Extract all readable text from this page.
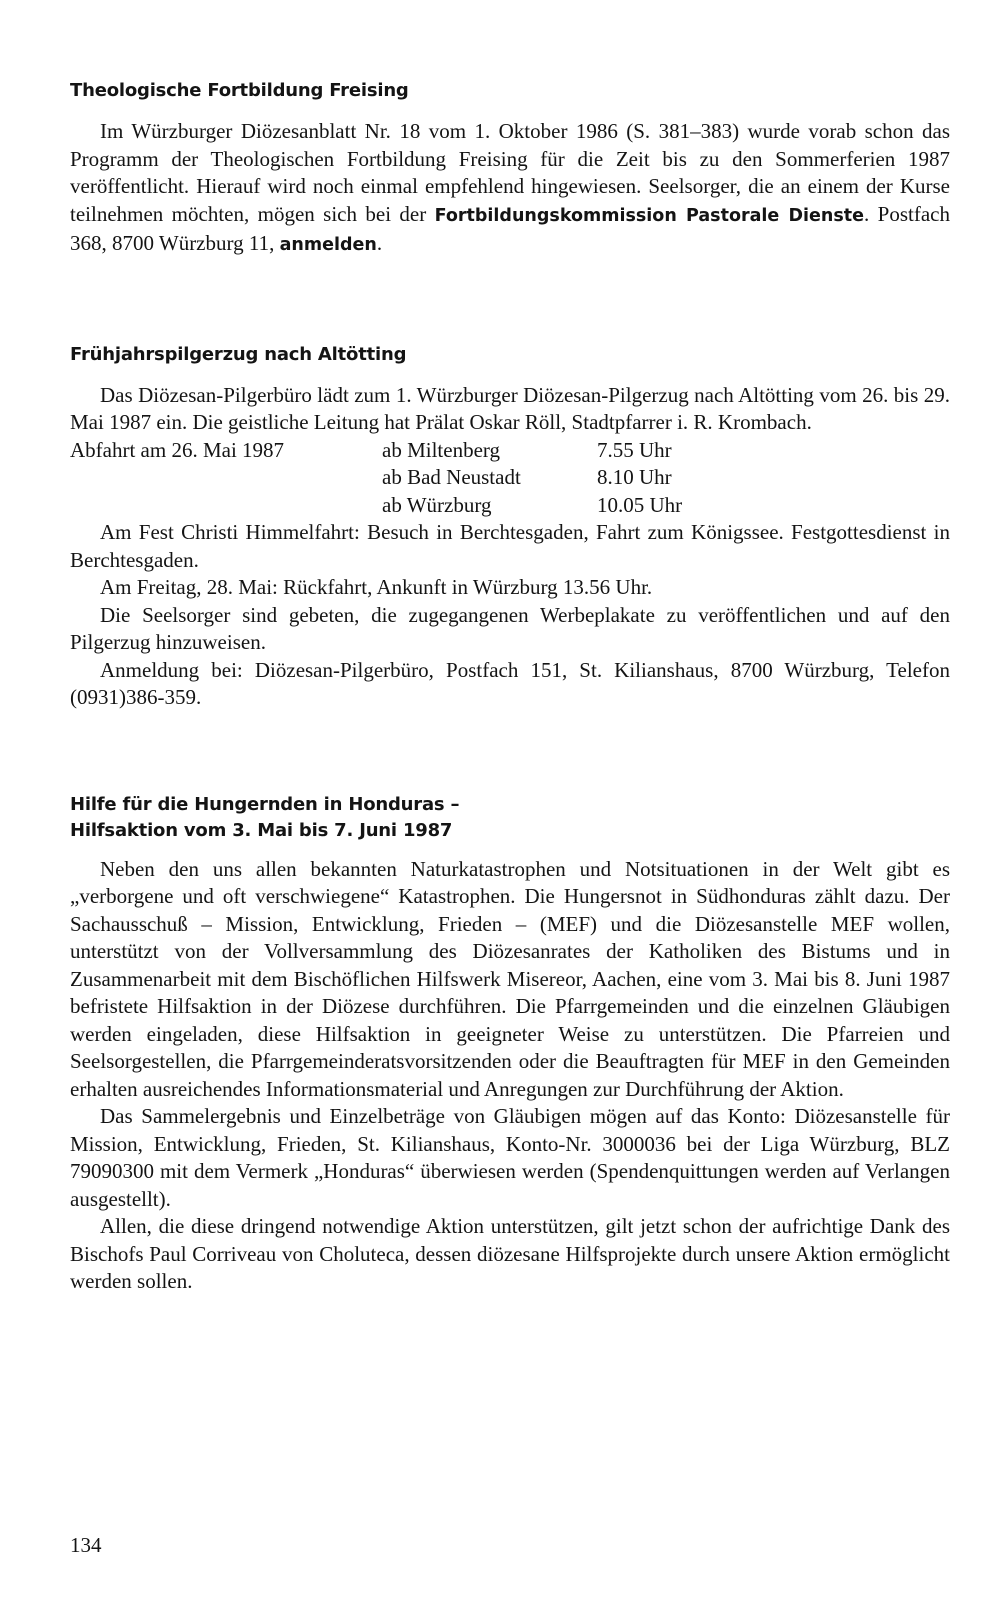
Theologische Fortbildung Freising

Im Würzburger Diözesanblatt Nr. 18 vom 1. Oktober 1986 (S. 381–383) wurde vorab schon das Programm der Theologischen Fortbildung Freising für die Zeit bis zu den Sommerferien 1987 veröffentlicht. Hierauf wird noch einmal empfehlend hingewiesen. Seelsorger, die an einem der Kurse teilnehmen möchten, mögen sich bei der Fortbildungskommission Pastorale Dienste. Postfach 368, 8700 Würzburg 11, anmelden.

Frühjahrspilgerzug nach Altötting

Das Diözesan-Pilgerbüro lädt zum 1. Würzburger Diözesan-Pilgerzug nach Altötting vom 26. bis 29. Mai 1987 ein. Die geistliche Leitung hat Prälat Oskar Röll, Stadtpfarrer i. R. Krombach.

Abfahrt am 26. Mai 1987	ab Miltenberg	7.55 Uhr
ab Bad Neustadt	8.10 Uhr
ab Würzburg	10.05 Uhr

Am Fest Christi Himmelfahrt: Besuch in Berchtesgaden, Fahrt zum Königssee. Festgottesdienst in Berchtesgaden.

Am Freitag, 28. Mai: Rückfahrt, Ankunft in Würzburg 13.56 Uhr.

Die Seelsorger sind gebeten, die zugegangenen Werbeplakate zu veröffentlichen und auf den Pilgerzug hinzuweisen.

Anmeldung bei: Diözesan-Pilgerbüro, Postfach 151, St. Kilianshaus, 8700 Würzburg, Telefon (0931)386-359.

Hilfe für die Hungernden in Honduras –
Hilfsaktion vom 3. Mai bis 7. Juni 1987

Neben den uns allen bekannten Naturkatastrophen und Notsituationen in der Welt gibt es „verborgene und oft verschwiegene“ Katastrophen. Die Hungersnot in Südhonduras zählt dazu. Der Sachausschuß – Mission, Entwicklung, Frieden – (MEF) und die Diözesanstelle MEF wollen, unterstützt von der Vollversammlung des Diözesanrates der Katholiken des Bistums und in Zusammenarbeit mit dem Bischöflichen Hilfswerk Misereor, Aachen, eine vom 3. Mai bis 8. Juni 1987 befristete Hilfsaktion in der Diözese durchführen. Die Pfarrgemeinden und die einzelnen Gläubigen werden eingeladen, diese Hilfsaktion in geeigneter Weise zu unterstützen. Die Pfarreien und Seelsorgestellen, die Pfarrgemeinderatsvorsitzenden oder die Beauftragten für MEF in den Gemeinden erhalten ausreichendes Informationsmaterial und Anregungen zur Durchführung der Aktion.

Das Sammelergebnis und Einzelbeträge von Gläubigen mögen auf das Konto: Diözesanstelle für Mission, Entwicklung, Frieden, St. Kilianshaus, Konto-Nr. 3000036 bei der Liga Würzburg, BLZ 79090300 mit dem Vermerk „Honduras“ überwiesen werden (Spendenquittungen werden auf Verlangen ausgestellt).

Allen, die diese dringend notwendige Aktion unterstützen, gilt jetzt schon der aufrichtige Dank des Bischofs Paul Corriveau von Choluteca, dessen diözesane Hilfsprojekte durch unsere Aktion ermöglicht werden sollen.

134
